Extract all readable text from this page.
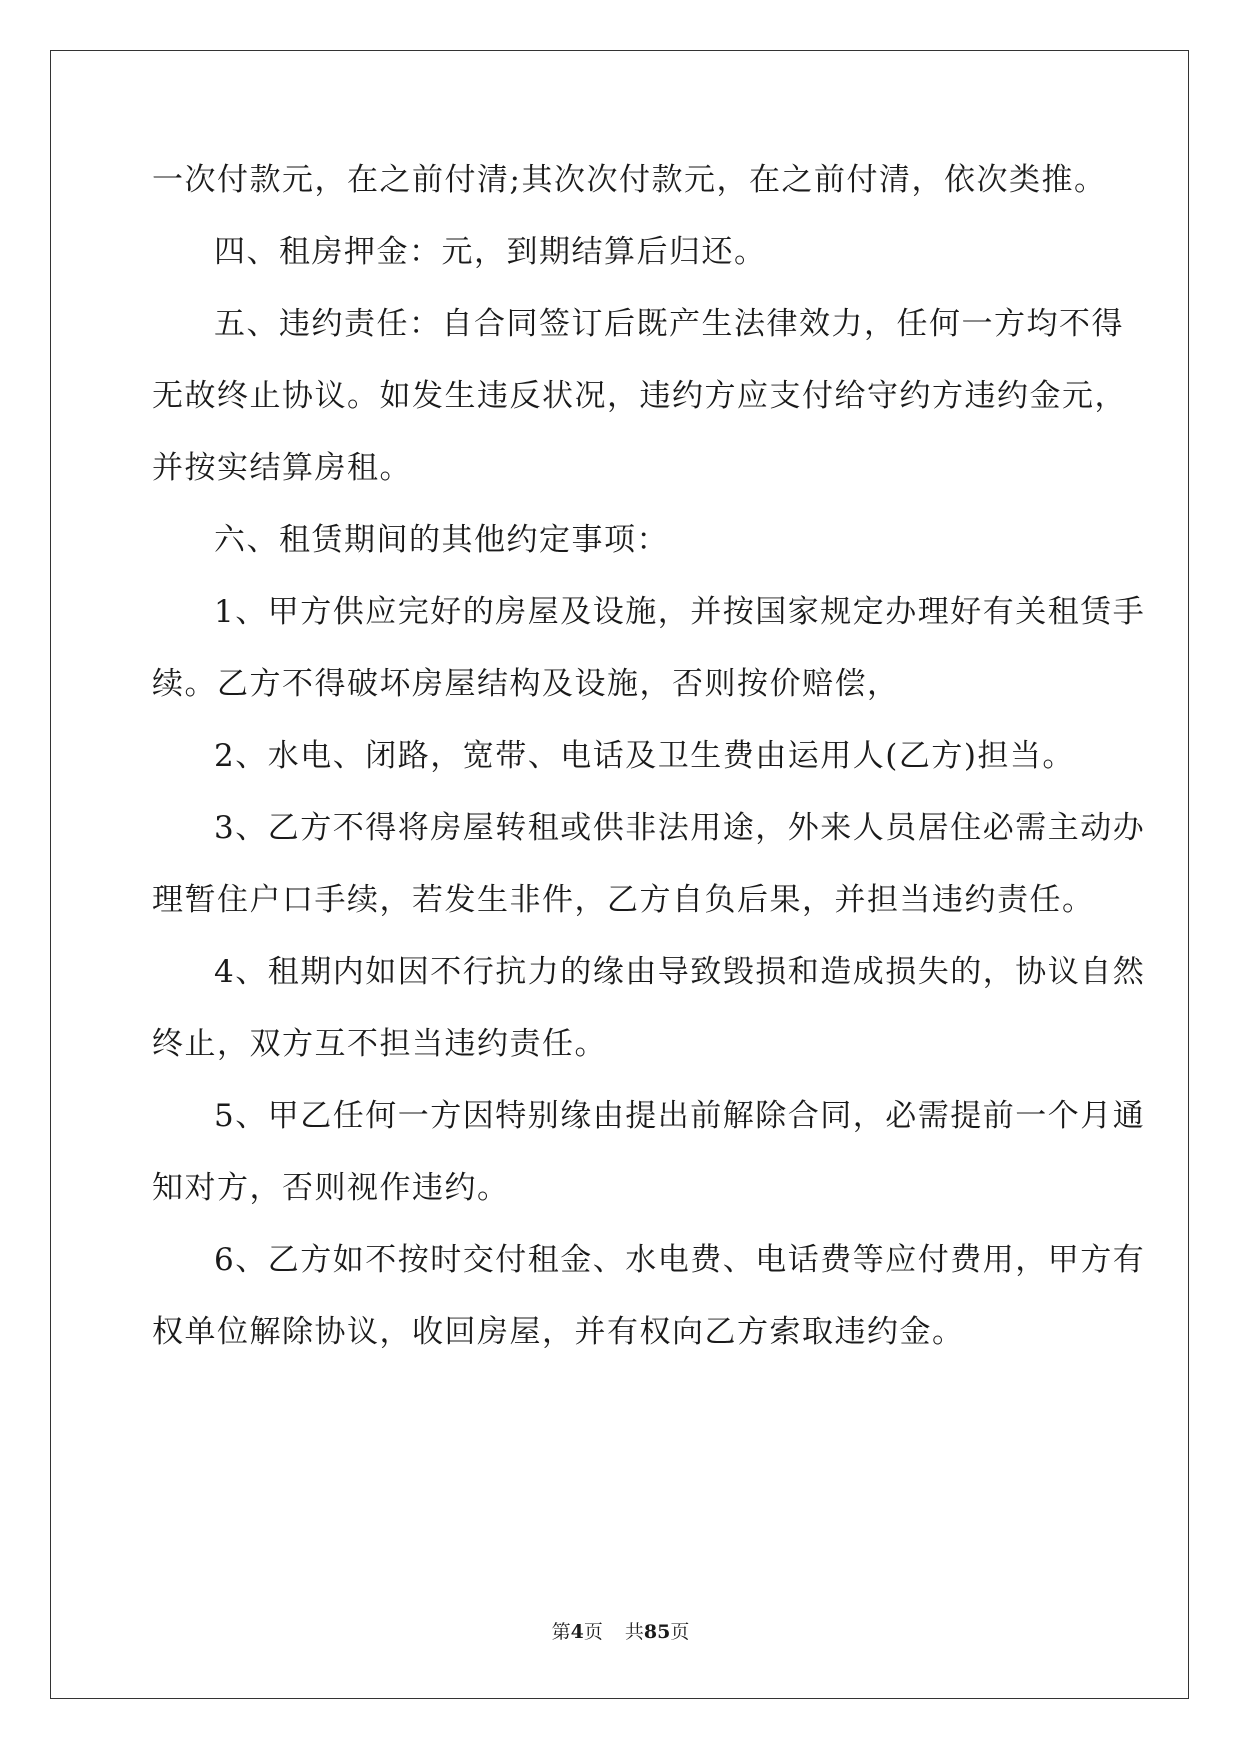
一次付款元，在之前付清;其次次付款元，在之前付清，依次类推。
四、租房押金：元，到期结算后归还。
五、违约责任：自合同签订后既产生法律效力，任何一方均不得
无故终止协议。如发生违反状况，违约方应支付给守约方违约金元，
并按实结算房租。
六、租赁期间的其他约定事项：
1、甲方供应完好的房屋及设施，并按国家规定办理好有关租赁手
续。乙方不得破坏房屋结构及设施，否则按价赔偿，
2、水电、闭路，宽带、电话及卫生费由运用人(乙方)担当。
3、乙方不得将房屋转租或供非法用途，外来人员居住必需主动办
理暂住户口手续，若发生非件，乙方自负后果，并担当违约责任。
4、租期内如因不行抗力的缘由导致毁损和造成损失的，协议自然
终止，双方互不担当违约责任。
5、甲乙任何一方因特别缘由提出前解除合同，必需提前一个月通
知对方，否则视作违约。
6、乙方如不按时交付租金、水电费、电话费等应付费用，甲方有
权单位解除协议，收回房屋，并有权向乙方索取违约金。
第4页 共85页
